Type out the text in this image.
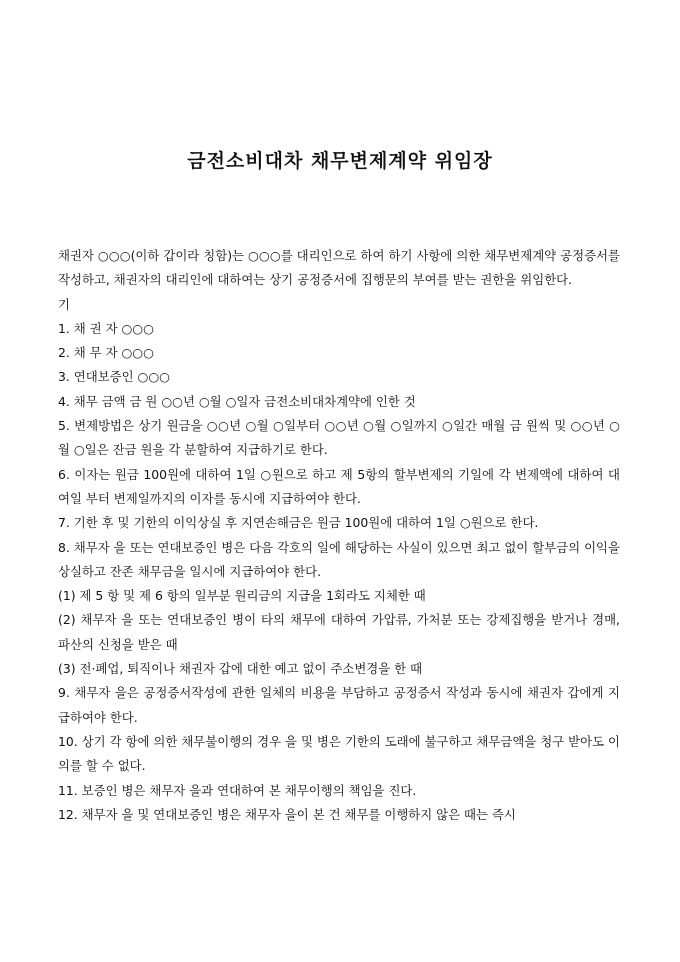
금전소비대차 채무변제계약 위임장

채권자 ○○○(이하 갑이라 칭함)는 ○○○를 대리인으로 하여 하기 사항에 의한 채무변제계약 공정증서를 작성하고, 채권자의 대리인에 대하여는 상기 공정증서에 집행문의 부여를 받는 권한을 위임한다.

기

1. 채 권 자 ○○○

2. 채 무 자 ○○○

3. 연대보증인 ○○○

4. 채무 금액 금 원 ○○년 ○월 ○일자 금전소비대차계약에 인한 것

5. 변제방법은 상기 원금을 ○○년 ○월 ○일부터 ○○년 ○월 ○일까지 ○일간 매월 금 원씩 및 ○○년 ○월 ○일은 잔금 원을 각 분할하여 지급하기로 한다.

6. 이자는 원금 100원에 대하여 1일 ○원으로 하고 제 5항의 할부변제의 기일에 각 변제액에 대하여 대여일 부터 변제일까지의 이자를 동시에 지급하여야 한다.

7. 기한 후 및 기한의 이익상실 후 지연손해금은 원금 100원에 대하여 1일 ○원으로 한다.

8. 채무자 을 또는 연대보증인 병은 다음 각호의 일에 해당하는 사실이 있으면 최고 없이 할부금의 이익을 상실하고 잔존 채무금을 일시에 지급하여야 한다.

(1) 제 5 항 및 제 6 항의 일부분 원리금의 지급을 1회라도 지체한 때

(2) 채무자 을 또는 연대보증인 병이 타의 채무에 대하여 가압류, 가처분 또는 강제집행을 받거나 경매, 파산의 신청을 받은 때

(3) 전·폐업, 퇴직이나 채권자 갑에 대한 예고 없이 주소변경을 한 때

9. 채무자 을은 공정증서작성에 관한 일체의 비용을 부담하고 공정증서 작성과 동시에 채권자 갑에게 지급하여야 한다.

10. 상기 각 항에 의한 채무불이행의 경우 을 및 병은 기한의 도래에 불구하고 채무금액을 청구 받아도 이의를 할 수 없다.

11. 보증인 병은 채무자 을과 연대하여 본 채무이행의 책임을 진다.

12. 채무자 을 및 연대보증인 병은 채무자 을이 본 건 채무를 이행하지 않은 때는 즉시
